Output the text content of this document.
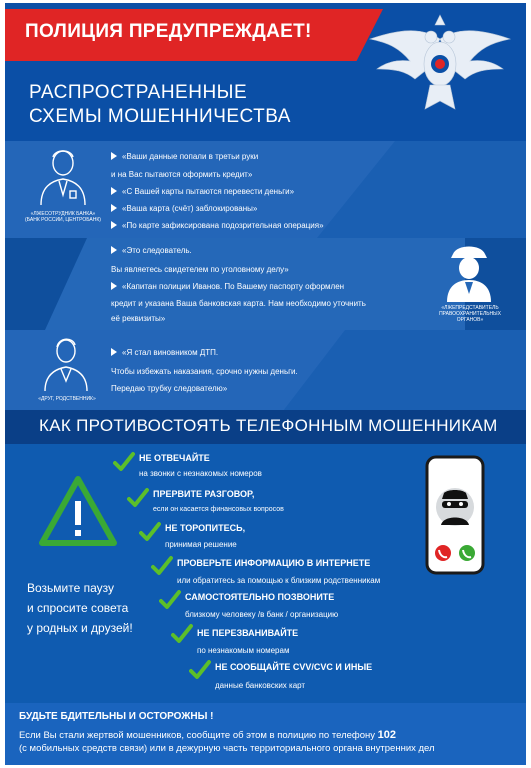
ПОЛИЦИЯ ПРЕДУПРЕЖДАЕТ!
РАСПРОСТРАНЕННЫЕ
СХЕМЫ МОШЕННИЧЕСТВА
«ЛЖЕСОТРУДНИК БАНКА»
(БАНК РОССИИ, ЦЕНТРОБАНК)
«Ваши данные попали в третьи руки
и на Вас пытаются оформить кредит»
«С Вашей карты пытаются перевести деньги»
«Ваша карта (счёт) заблокированы»
«По карте зафиксирована подозрительная операция»
«ЛЖЕПРЕДСТАВИТЕЛЬ
ПРАВООХРАНИТЕЛЬНЫХ
ОРГАНОВ»
«Это следователь.
Вы являетесь свидетелем по уголовному делу»
«Капитан полиции Иванов. По Вашему паспорту оформлен
кредит и указана Ваша банковская карта. Нам необходимо уточнить
её реквизиты»
«ДРУГ, РОДСТВЕННИК»
«Я стал виновником ДТП.
Чтобы избежать наказания, срочно нужны деньги.
Передаю трубку следователю»
КАК ПРОТИВОСТОЯТЬ ТЕЛЕФОННЫМ МОШЕННИКАМ
Возьмите паузу
и спросите совета
у родных и друзей!
НЕ ОТВЕЧАЙТЕ
на звонки с незнакомых номеров
ПРЕРВИТЕ РАЗГОВОР,
если он касается финансовых вопросов
НЕ ТОРОПИТЕСЬ,
принимая решение
ПРОВЕРЬТЕ ИНФОРМАЦИЮ В ИНТЕРНЕТЕ
или обратитесь за помощью к близким родственникам
САМОСТОЯТЕЛЬНО ПОЗВОНИТЕ
близкому человеку /в банк / организацию
НЕ ПЕРЕЗВАНИВАЙТЕ
по незнакомым номерам
НЕ СООБЩАЙТЕ CVV/CVC И ИНЫЕ
данные банковских карт
БУДЬТЕ БДИТЕЛЬНЫ И ОСТОРОЖНЫ !
Если Вы стали жертвой мошенников, сообщите об этом в полицию по телефону 102
(с мобильных средств связи) или в дежурную часть территориального органа внутренних дел
